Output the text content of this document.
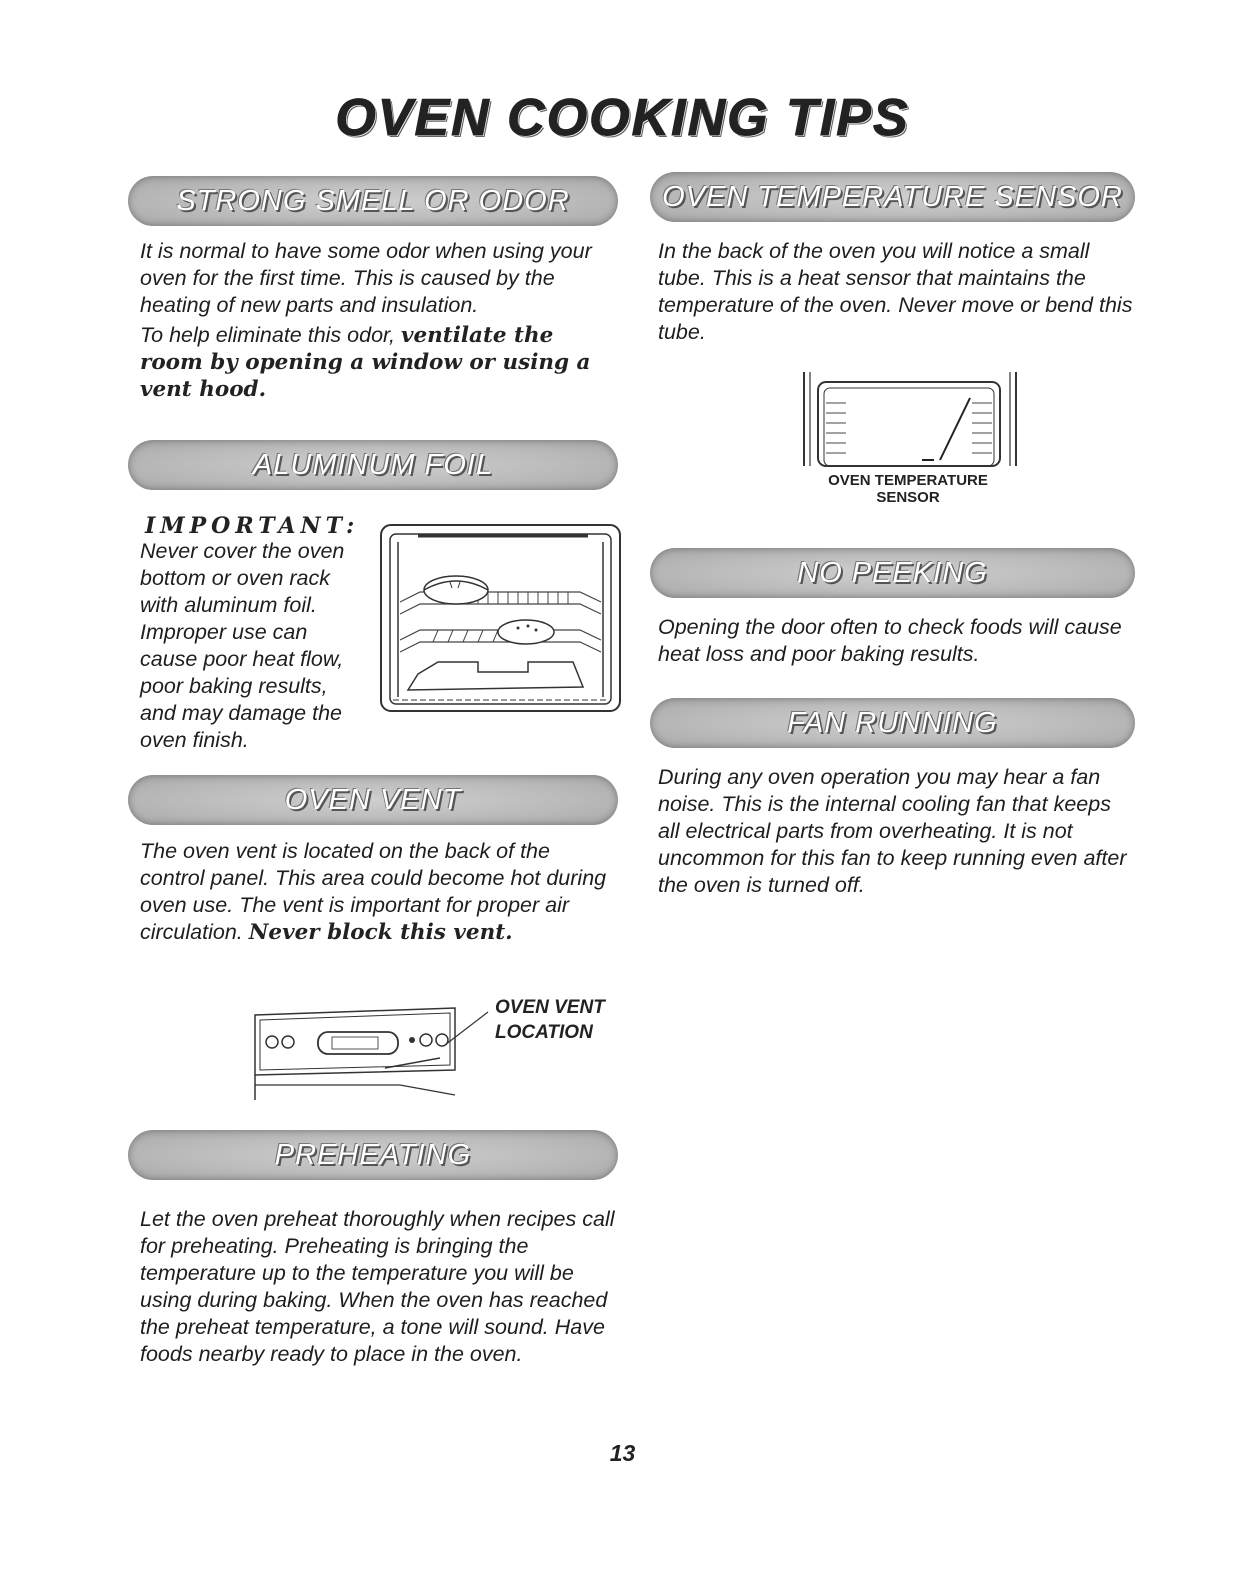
OVEN COOKING TIPS
STRONG SMELL OR ODOR

It is normal to have some odor when using your oven for the first time. This is caused by the heating of new parts and insulation.

To help eliminate this odor, ventilate the room by opening a window or using a vent hood.

ALUMINUM FOIL
IMPORTANT:

Never cover the oven bottom or oven rack with aluminum foil. Improper use can cause poor heat flow, poor baking results, and may damage the oven finish.

OVEN VENT

The oven vent is located on the back of the control panel. This area could become hot during oven use. The vent is important for proper air circulation. Never block this vent.

OVEN VENT LOCATION
PREHEATING

Let the oven preheat thoroughly when recipes call for preheating. Preheating is bringing the temperature up to the temperature you will be using during baking. When the oven has reached the preheat temperature, a tone will sound. Have foods nearby ready to place in the oven.

OVEN TEMPERATURE SENSOR

In the back of the oven you will notice a small tube. This is a heat sensor that maintains the temperature of the oven. Never move or bend this tube.

OVEN TEMPERATURE SENSOR
NO PEEKING

Opening the door often to check foods will cause heat loss and poor baking results.

FAN RUNNING

During any oven operation you may hear a fan noise. This is the internal cooling fan that keeps all electrical parts from overheating. It is not uncommon for this fan to keep running even after the oven is turned off.

13
